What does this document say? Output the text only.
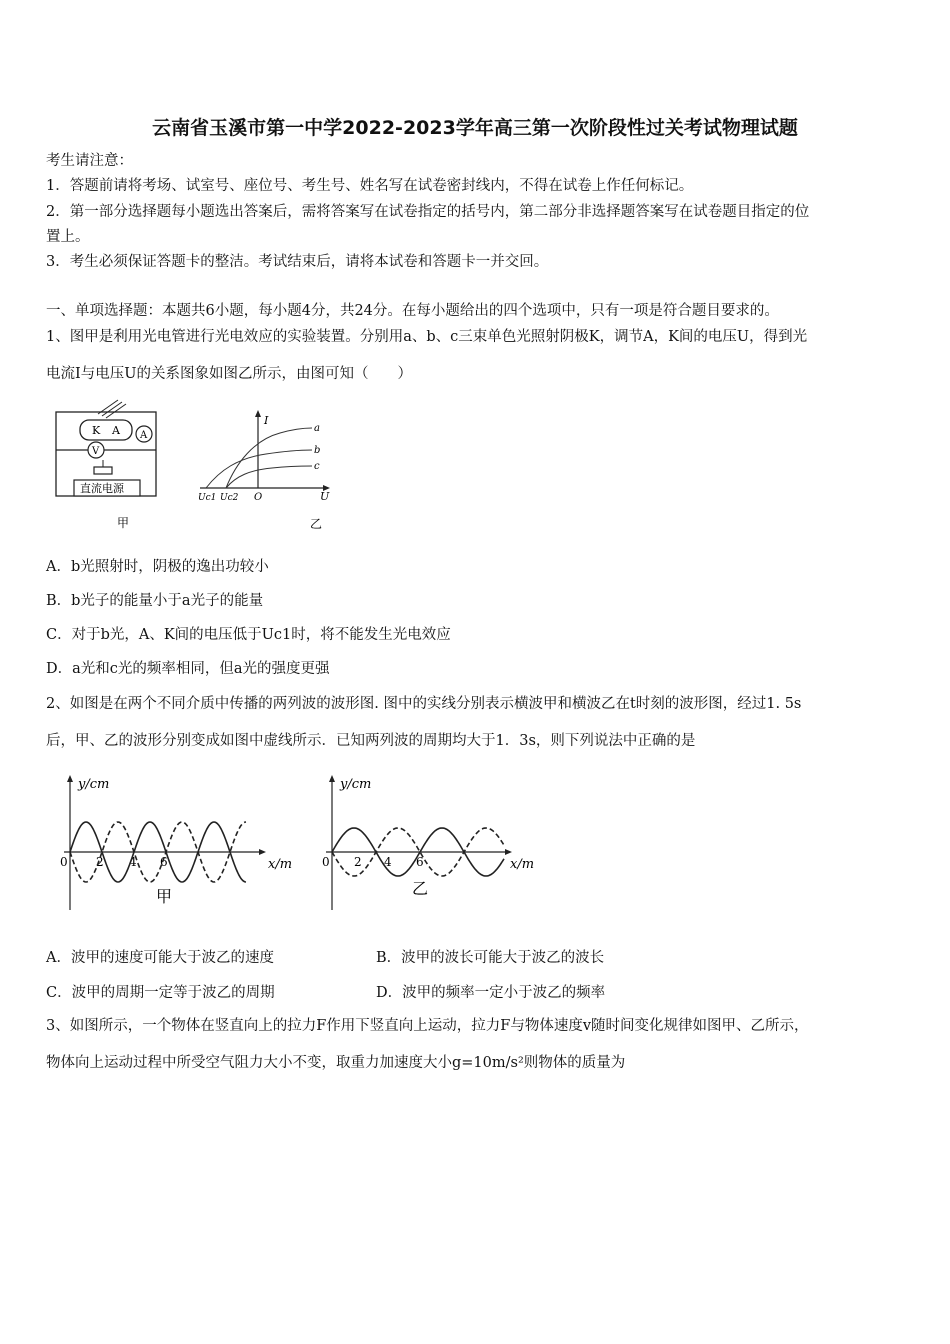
云南省玉溪市第一中学2022-2023学年高三第一次阶段性过关考试物理试题
考生请注意：
1．答题前请将考场、试室号、座位号、考生号、姓名写在试卷密封线内，不得在试卷上作任何标记。
2．第一部分选择题每小题选出答案后，需将答案写在试卷指定的括号内，第二部分非选择题答案写在试卷题目指定的位
置上。
3．考生必须保证答题卡的整洁。考试结束后，请将本试卷和答题卡一并交回。
一、单项选择题：本题共6小题，每小题4分，共24分。在每小题给出的四个选项中，只有一项是符合题目要求的。
1、图甲是利用光电管进行光电效应的实验装置。分别用a、b、c三束单色光照射阴极K，调节A，K间的电压U，得到光
电流I与电压U的关系图象如图乙所示，由图可知（　　）
K A A
V
直流电源
甲
I
U
O
Uc1 Uc2
a
b
c
乙
A．b光照射时，阴极的逸出功较小
B．b光子的能量小于a光子的能量
C．对于b光，A、K间的电压低于Uc1时，将不能发生光电效应
D．a光和c光的频率相同，但a光的强度更强
2、如图是在两个不同介质中传播的两列波的波形图. 图中的实线分别表示横波甲和横波乙在t时刻的波形图，经过1. 5s
后，甲、乙的波形分别变成如图中虚线所示．已知两列波的周期均大于1．3s，则下列说法中正确的是
y/cm
x/m
0 2 4 6
甲
y/cm
x/m
0 2 4 6
乙
A．波甲的速度可能大于波乙的速度	B．波甲的波长可能大于波乙的波长
C．波甲的周期一定等于波乙的周期	D．波甲的频率一定小于波乙的频率
3、如图所示，一个物体在竖直向上的拉力F作用下竖直向上运动，拉力F与物体速度v随时间变化规律如图甲、乙所示，
物体向上运动过程中所受空气阻力大小不变，取重力加速度大小g=10m/s²则物体的质量为
